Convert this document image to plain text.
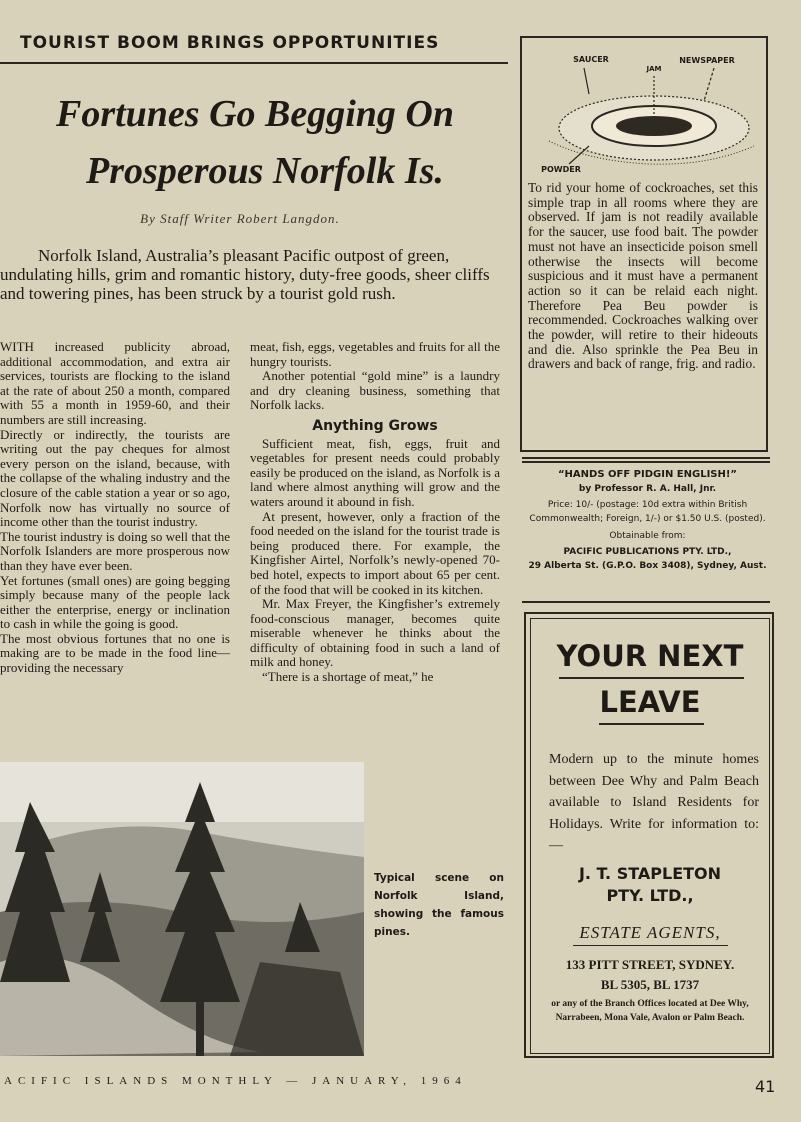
TOURIST BOOM BRINGS OPPORTUNITIES
Fortunes Go Begging On
Prosperous Norfolk Is.
By Staff Writer Robert Langdon.
Norfolk Island, Australia’s pleasant Pacific outpost of green, undulating hills, grim and romantic history, duty-free goods, sheer cliffs and towering pines, has been struck by a tourist gold rush.

WITH increased publicity abroad, additional accommodation, and extra air services, tourists are flocking to the island at the rate of about 250 a month, compared with 55 a month in 1959-60, and their numbers are still increasing.

Directly or indirectly, the tourists are writing out the pay cheques for almost every person on the island, because, with the collapse of the whaling industry and the closure of the cable station a year or so ago, Norfolk now has virtually no source of income other than the tourist industry.

The tourist industry is doing so well that the Norfolk Islanders are more prosperous now than they have ever been.

Yet fortunes (small ones) are going begging simply because many of the people lack either the enterprise, energy or inclination to cash in while the going is good.

The most obvious fortunes that no one is making are to be made in the food line—providing the necessary

meat, fish, eggs, vegetables and fruits for all the hungry tourists.

Another potential “gold mine” is a laundry and dry cleaning business, something that Norfolk lacks.

Anything Grows

Sufficient meat, fish, eggs, fruit and vegetables for present needs could probably easily be produced on the island, as Norfolk is a land where almost anything will grow and the waters around it abound in fish.

At present, however, only a fraction of the food needed on the island for the tourist trade is being produced there. For example, the Kingfisher Airtel, Norfolk’s newly-opened 70-bed hotel, expects to import about 65 per cent. of the food that will be cooked in its kitchen.

Mr. Max Freyer, the Kingfisher’s extremely food-conscious manager, becomes quite miserable whenever he thinks about the difficulty of obtaining food in such a land of milk and honey.

“There is a shortage of meat,” he

Typical scene on Norfolk Island, showing the famous pines.
SAUCER
JAM
NEWSPAPER
POWDER
To rid your home of cockroaches, set this simple trap in all rooms where they are observed. If jam is not readily available for the saucer, use food bait. The powder must not have an insecticide poison smell otherwise the insects will become suspicious and it must have a permanent action so it can be relaid each night. Therefore Pea Beu powder is recommended. Cockroaches walking over the powder, will retire to their hideouts and die. Also sprinkle the Pea Beu in drawers and back of range, frig. and radio.
“HANDS OFF PIDGIN ENGLISH!”
by Professor R. A. Hall, Jnr.
Price: 10/- (postage: 10d extra within British Commonwealth; Foreign, 1/-) or $1.50 U.S. (posted).
Obtainable from:
PACIFIC PUBLICATIONS PTY. LTD.,
29 Alberta St. (G.P.O. Box 3408), Sydney, Aust.
YOUR NEXT
LEAVE
Modern up to the minute homes between Dee Why and Palm Beach available to Island Residents for Holidays. Write for information to:—
J. T. STAPLETON
PTY. LTD.,
ESTATE AGENTS,
133 PITT STREET, SYDNEY.
BL 5305, BL 1737
or any of the Branch Offices located at Dee Why, Narrabeen, Mona Vale, Avalon or Palm Beach.
ACIFIC ISLANDS MONTHLY — JANUARY, 1964	41
